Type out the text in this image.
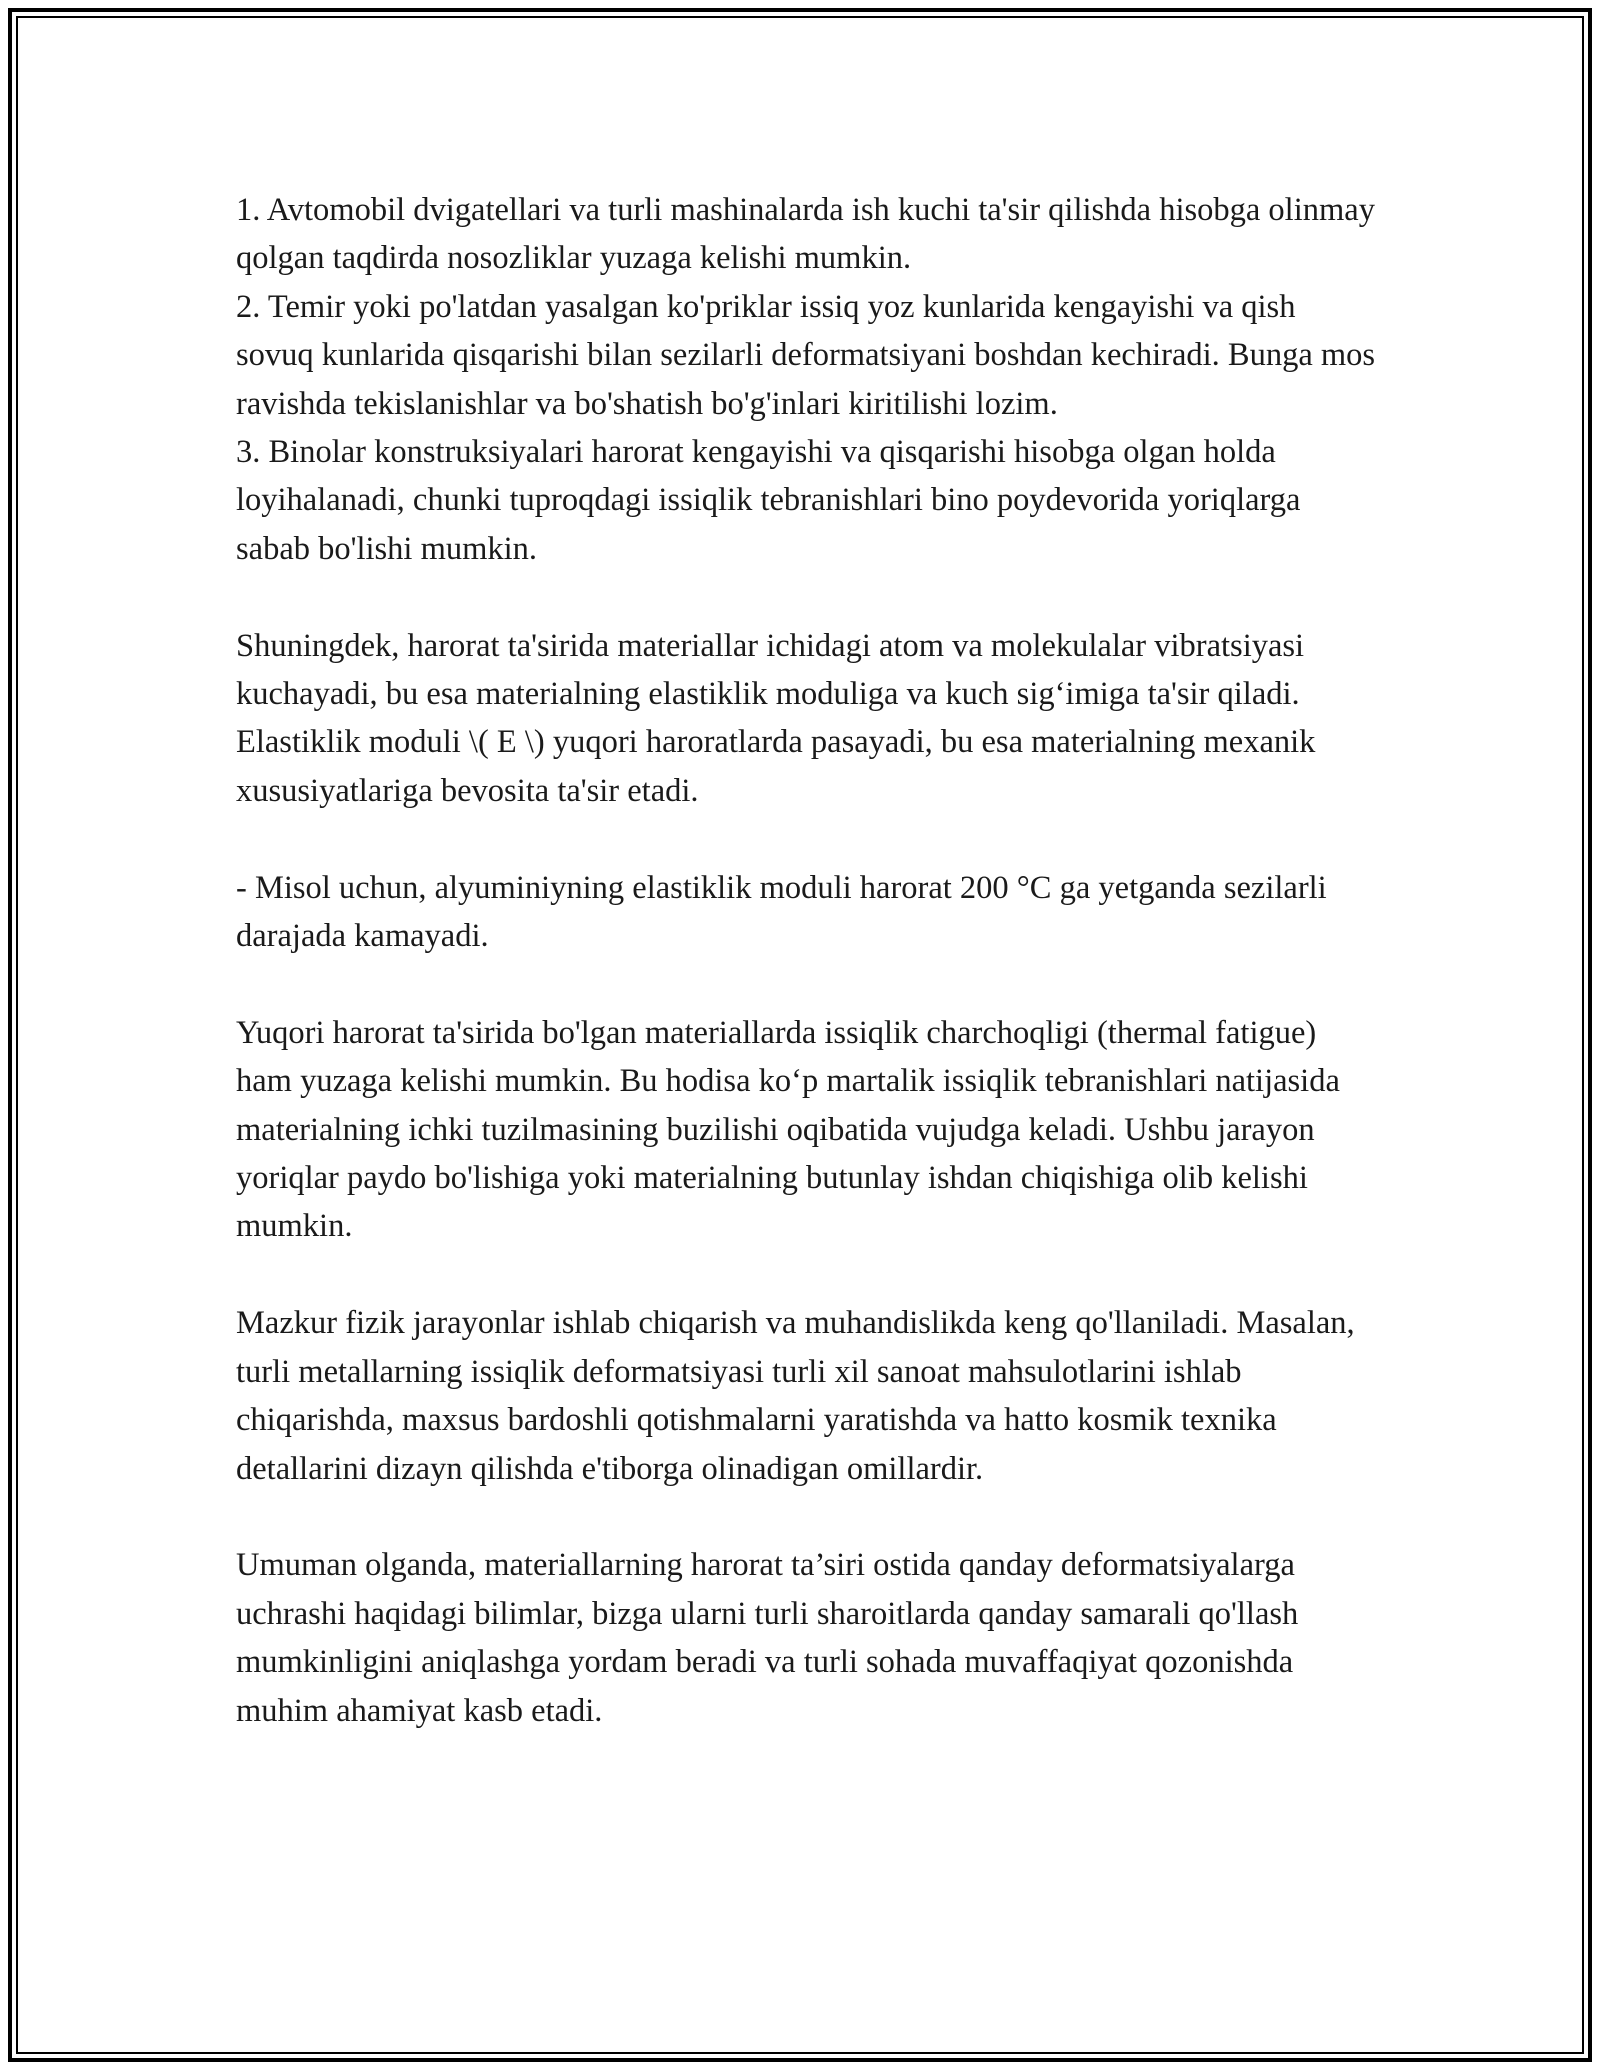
1. Avtomobil dvigatellari va turli mashinalarda ish kuchi ta'sir qilishda hisobga olinmay qolgan taqdirda nosozliklar yuzaga kelishi mumkin.

2. Temir yoki po'latdan yasalgan ko'priklar issiq yoz kunlarida kengayishi va qish sovuq kunlarida qisqarishi bilan sezilarli deformatsiyani boshdan kechiradi. Bunga mos ravishda tekislanishlar va bo'shatish bo'g'inlari kiritilishi lozim.

3. Binolar konstruksiyalari harorat kengayishi va qisqarishi hisobga olgan holda loyihalanadi, chunki tuproqdagi issiqlik tebranishlari bino poydevorida yoriqlarga sabab bo'lishi mumkin.

Shuningdek, harorat ta'sirida materiallar ichidagi atom va molekulalar vibratsiyasi kuchayadi, bu esa materialning elastiklik moduliga va kuch sig‘imiga ta'sir qiladi. Elastiklik moduli \( E \) yuqori haroratlarda pasayadi, bu esa materialning mexanik xususiyatlariga bevosita ta'sir etadi.

- Misol uchun, alyuminiyning elastiklik moduli harorat 200 °C ga yetganda sezilarli darajada kamayadi.

Yuqori harorat ta'sirida bo'lgan materiallarda issiqlik charchoqligi (thermal fatigue) ham yuzaga kelishi mumkin. Bu hodisa ko‘p martalik issiqlik tebranishlari natijasida materialning ichki tuzilmasining buzilishi oqibatida vujudga keladi. Ushbu jarayon yoriqlar paydo bo'lishiga yoki materialning butunlay ishdan chiqishiga olib kelishi mumkin.

Mazkur fizik jarayonlar ishlab chiqarish va muhandislikda keng qo'llaniladi. Masalan, turli metallarning issiqlik deformatsiyasi turli xil sanoat mahsulotlarini ishlab chiqarishda, maxsus bardoshli qotishmalarni yaratishda va hatto kosmik texnika detallarini dizayn qilishda e'tiborga olinadigan omillardir.

Umuman olganda, materiallarning harorat ta’siri ostida qanday deformatsiyalarga uchrashi haqidagi bilimlar, bizga ularni turli sharoitlarda qanday samarali qo'llash mumkinligini aniqlashga yordam beradi va turli sohada muvaffaqiyat qozonishda muhim ahamiyat kasb etadi.
